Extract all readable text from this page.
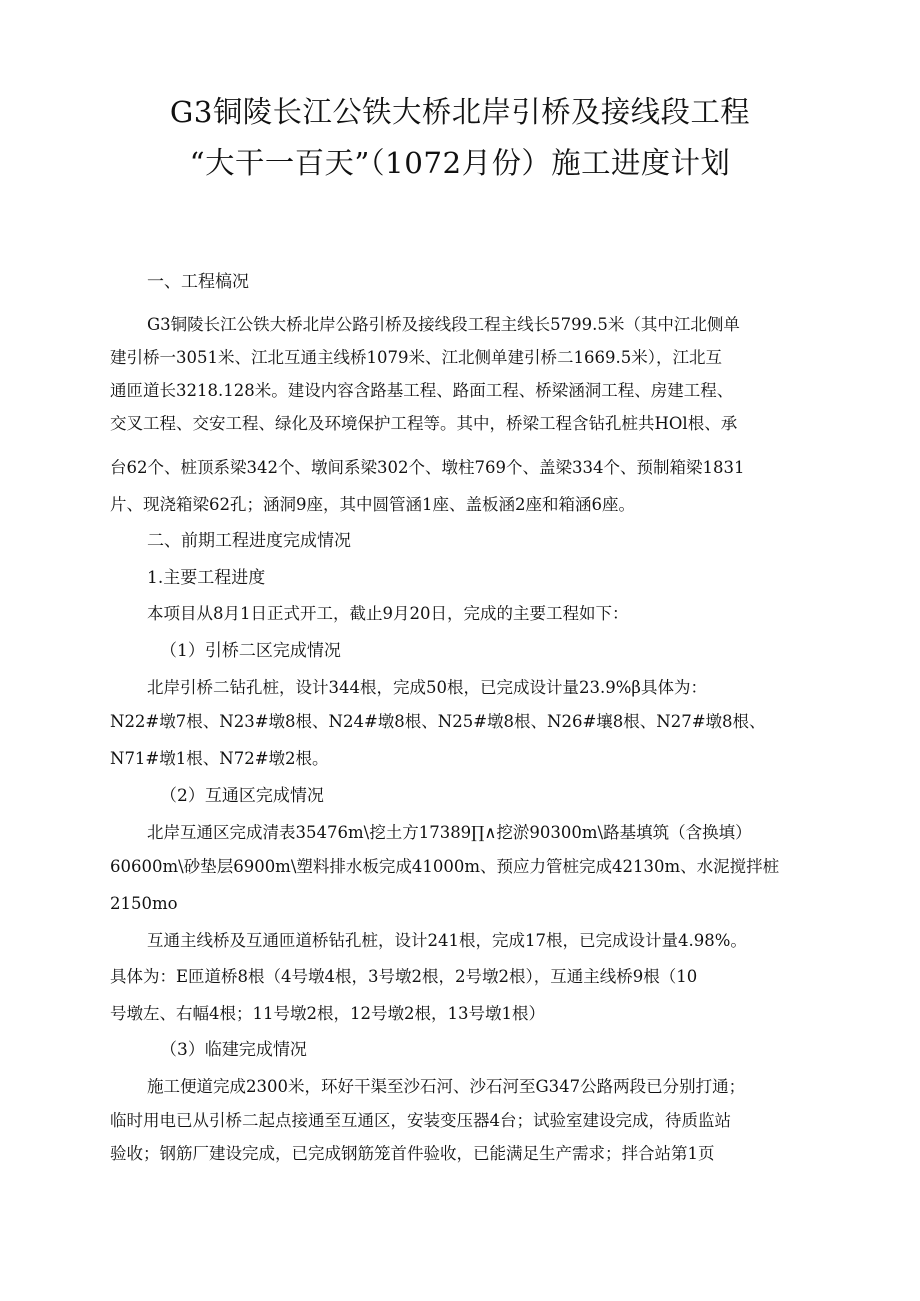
G3铜陵长江公铁大桥北岸引桥及接线段工程
“大干一百天”（1072月份）施工进度计划
一、工程槁况
G3铜陵长江公铁大桥北岸公路引桥及接线段工程主线长5799.5米（其中江北侧单
建引桥一3051米、江北互通主线桥1079米、江北侧单建引桥二1669.5米），江北互
通匝道长3218.128米。建设内容含路基工程、路面工程、桥梁涵洞工程、房建工程、
交叉工程、交安工程、绿化及环境保护工程等。其中，桥梁工程含钻孔桩共HOl根、承
台62个、桩顶系梁342个、墩间系梁302个、墩柱769个、盖梁334个、预制箱梁1831
片、现浇箱梁62孔；涵洞9座，其中圆管涵1座、盖板涵2座和箱涵6座。
二、前期工程进度完成情况
1.主要工程进度
本项目从8月1日正式开工，截止9月20日，完成的主要工程如下：
（1）引桥二区完成情况
北岸引桥二钻孔桩，设计344根，完成50根，已完成设计量23.9%β具体为：
N22#墩7根、N23#墩8根、N24#墩8根、N25#墩8根、N26#壤8根、N27#墩8根、
N71#墩1根、N72#墩2根。
（2）互通区完成情况
北岸互通区完成清表35476m\挖土方17389∏∧挖淤90300m\路基填筑（含换填）
60600m\砂垫层6900m\塑料排水板完成41000m、预应力管桩完成42130m、水泥搅拌桩
2150mo
互通主线桥及互通匝道桥钻孔桩，设计241根，完成17根，已完成设计量4.98%。
具体为：E匝道桥8根（4号墩4根，3号墩2根，2号墩2根），互通主线桥9根（10
号墩左、右幅4根；11号墩2根，12号墩2根，13号墩1根）
（3）临建完成情况
施工便道完成2300米，环好干渠至沙石河、沙石河至G347公路两段已分别打通；
临时用电已从引桥二起点接通至互通区，安装变压器4台；试验室建设完成，待质监站
验收；钢筋厂建设完成，已完成钢筋笼首件验收，已能满足生产需求；拌合站第1页
